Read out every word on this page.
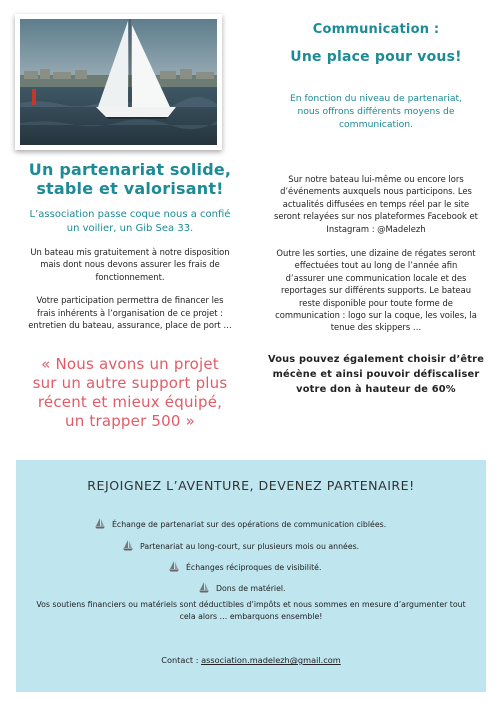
Un partenariat solide,
stable et valorisant!

L’association passe coque nous a confié
un voilier, un Gib Sea 33.

Un bateau mis gratuitement à notre disposition
mais dont nous devons assurer les frais de
fonctionnement.

Votre participation permettra de financer les
frais inhérents à l’organisation de ce projet :
entretien du bateau, assurance, place de port …

« Nous avons un projet
sur un autre support plus
récent et mieux équipé,
un trapper 500 »

Communication :

Une place pour vous!

En fonction du niveau de partenariat,
nous offrons différents moyens de
communication.

Sur notre bateau lui-même ou encore lors
d’événements auxquels nous participons. Les
actualités diffusées en temps réel par le site
seront relayées sur nos plateformes Facebook et
Instagram : @Madelezh

Outre les sorties, une dizaine de régates seront
effectuées tout au long de l’année afin
d’assurer une communication locale et des
reportages sur différents supports. Le bateau
reste disponible pour toute forme de
communication : logo sur la coque, les voiles, la
tenue des skippers …

Vous pouvez également choisir d’être
mécène et ainsi pouvoir défiscaliser
votre don à hauteur de 60%

REJOIGNEZ L’AVENTURE, DEVENEZ PARTENAIRE!

Échange de partenariat sur des opérations de communication ciblées.
Partenariat au long-court, sur plusieurs mois ou années.
Échanges réciproques de visibilité.
Dons de matériel.

Vos soutiens financiers ou matériels sont déductibles d’impôts et nous sommes en mesure d’argumenter tout
cela alors … embarquons ensemble!

Contact : association.madelezh@gmail.com
